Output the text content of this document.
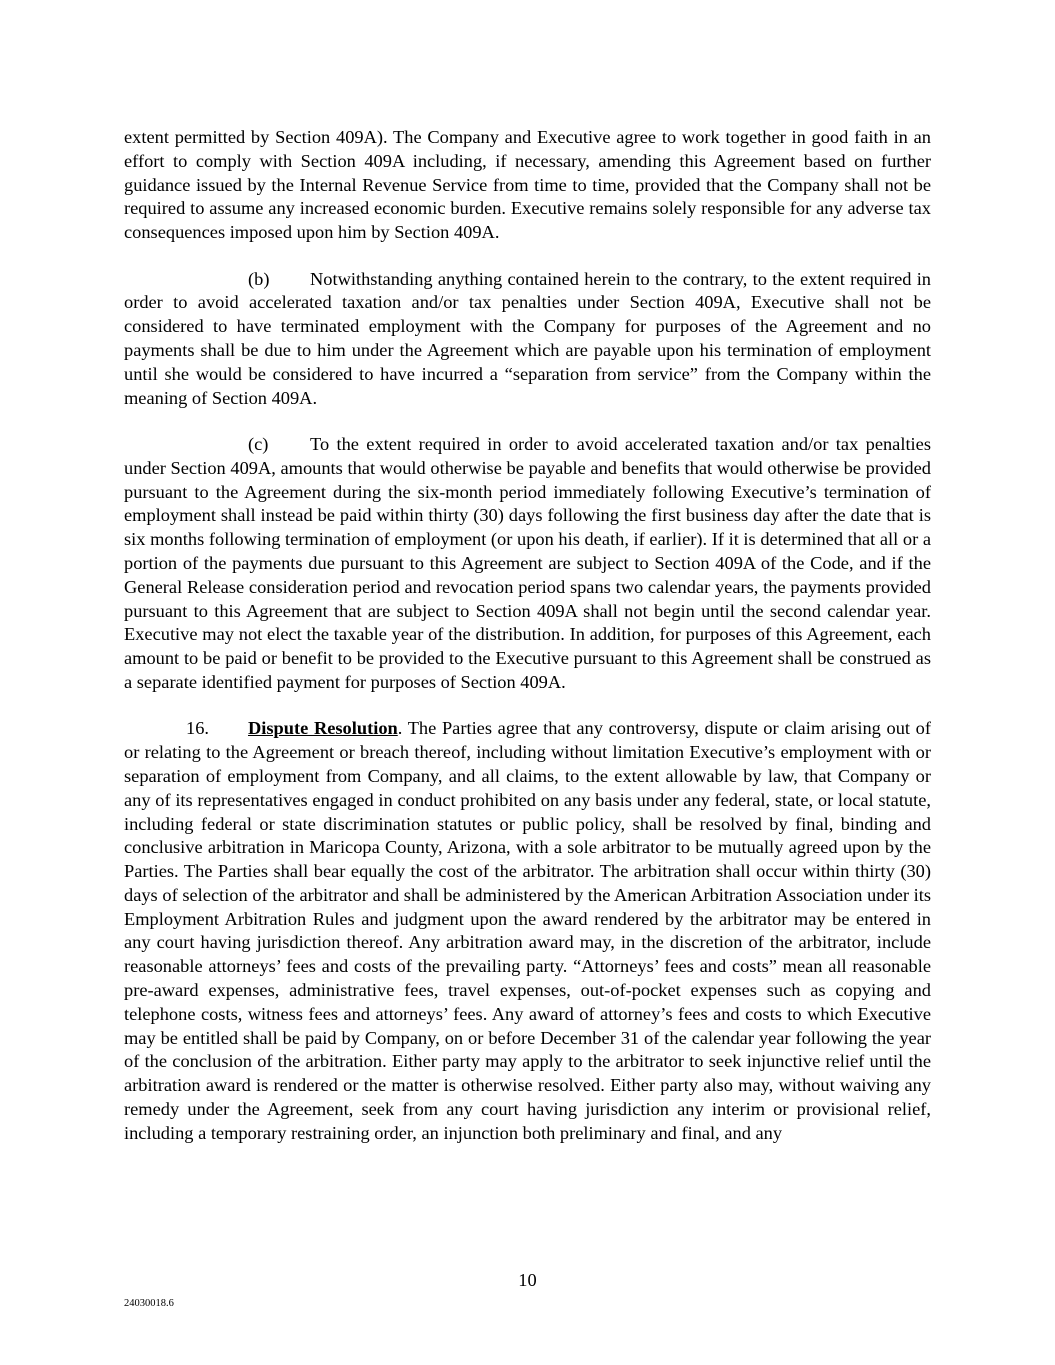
extent permitted by Section 409A). The Company and Executive agree to work together in good faith in an effort to comply with Section 409A including, if necessary, amending this Agreement based on further guidance issued by the Internal Revenue Service from time to time, provided that the Company shall not be required to assume any increased economic burden. Executive remains solely responsible for any adverse tax consequences imposed upon him by Section 409A.

(b) Notwithstanding anything contained herein to the contrary, to the extent required in order to avoid accelerated taxation and/or tax penalties under Section 409A, Executive shall not be considered to have terminated employment with the Company for purposes of the Agreement and no payments shall be due to him under the Agreement which are payable upon his termination of employment until she would be considered to have incurred a “separation from service” from the Company within the meaning of Section 409A.

(c) To the extent required in order to avoid accelerated taxation and/or tax penalties under Section 409A, amounts that would otherwise be payable and benefits that would otherwise be provided pursuant to the Agreement during the six-month period immediately following Executive’s termination of employment shall instead be paid within thirty (30) days following the first business day after the date that is six months following termination of employment (or upon his death, if earlier). If it is determined that all or a portion of the payments due pursuant to this Agreement are subject to Section 409A of the Code, and if the General Release consideration period and revocation period spans two calendar years, the payments provided pursuant to this Agreement that are subject to Section 409A shall not begin until the second calendar year. Executive may not elect the taxable year of the distribution. In addition, for purposes of this Agreement, each amount to be paid or benefit to be provided to the Executive pursuant to this Agreement shall be construed as a separate identified payment for purposes of Section 409A.

16. Dispute Resolution. The Parties agree that any controversy, dispute or claim arising out of or relating to the Agreement or breach thereof, including without limitation Executive’s employment with or separation of employment from Company, and all claims, to the extent allowable by law, that Company or any of its representatives engaged in conduct prohibited on any basis under any federal, state, or local statute, including federal or state discrimination statutes or public policy, shall be resolved by final, binding and conclusive arbitration in Maricopa County, Arizona, with a sole arbitrator to be mutually agreed upon by the Parties. The Parties shall bear equally the cost of the arbitrator. The arbitration shall occur within thirty (30) days of selection of the arbitrator and shall be administered by the American Arbitration Association under its Employment Arbitration Rules and judgment upon the award rendered by the arbitrator may be entered in any court having jurisdiction thereof. Any arbitration award may, in the discretion of the arbitrator, include reasonable attorneys’ fees and costs of the prevailing party. “Attorneys’ fees and costs” mean all reasonable pre-award expenses, administrative fees, travel expenses, out-of-pocket expenses such as copying and telephone costs, witness fees and attorneys’ fees. Any award of attorney’s fees and costs to which Executive may be entitled shall be paid by Company, on or before December 31 of the calendar year following the year of the conclusion of the arbitration. Either party may apply to the arbitrator to seek injunctive relief until the arbitration award is rendered or the matter is otherwise resolved. Either party also may, without waiving any remedy under the Agreement, seek from any court having jurisdiction any interim or provisional relief, including a temporary restraining order, an injunction both preliminary and final, and any

10
24030018.6
